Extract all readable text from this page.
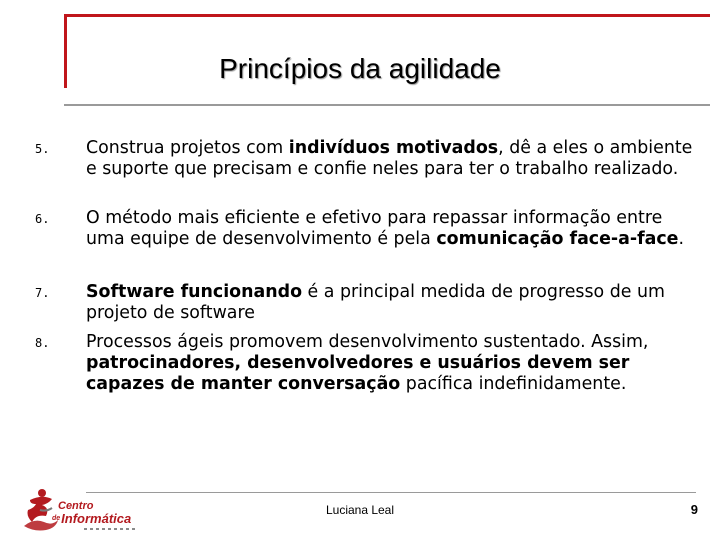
Princípios da agilidade
5. Construa projetos com indivíduos motivados, dê a eles o ambiente e suporte que precisam e confie neles para ter o trabalho realizado.
6. O método mais eficiente e efetivo para repassar informação entre uma equipe de desenvolvimento é pela comunicação face-a-face.
7. Software funcionando é a principal medida de progresso de um projeto de software
8. Processos ágeis promovem desenvolvimento sustentado. Assim, patrocinadores, desenvolvedores e usuários devem ser capazes de manter conversação pacífica indefinidamente.
Centro
$^{de}$Informática
Luciana Leal	9
